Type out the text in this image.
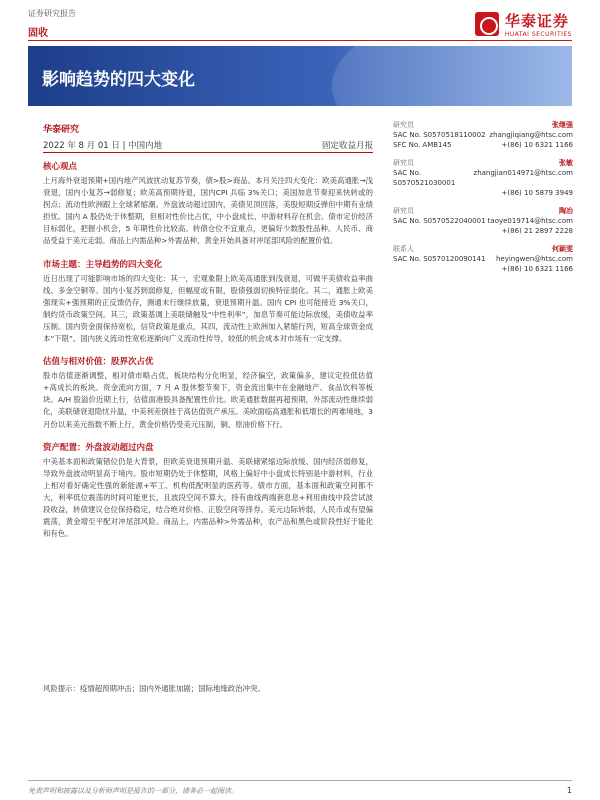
证券研究报告
固收
华泰证券
HUATAI SECURITIES
影响趋势的四大变化
华泰研究
2022 年 8 月 01 日 | 中国内地	固定收益月报
核心观点
上月海外衰退预期+国内地产风波扰动复苏节奏，债>股>商品。本月关注四大变化：欧美高通胀→浅衰退，国内小复苏→弱修复；欧美高预期待退，国内CPI 兵临 3%关口；美国加息节奏迎来快转或的拐点；流动性欧洲跟上全球紧缩潮。外盘波动超过国内，美债见顶回落，美股短期反弹但中期有业绩担忧。国内 A 股仍处于休整期，但相对性价比占优，中小盘成长、中游材料存在机会。债市定价经济目标弱化，把握小机会，5 年期性价比较高。转债仓位不宜重点，更偏好少数股性品种。人民币、商品受益于美元走弱。商品上内需品种>外需品种，黄金开始具备对冲尾部风险的配置价值。
市场主题：主导趋势的四大变化
近日出现了可能影响市场的四大变化：其一，宏观象限上欧美高通胀到浅衰退，可做平美债收益率曲线、多金空铜等。国内小复苏到弱修复，但幅度或有限，股债强弱切换特征弱化。其二，通胀上欧美强现实+强预期的正反馈仍存，测通未行继续放量，衰退预期升温。国内 CPI 也可能接近 3%关口，制约货币政策空间。其三，政策基调上美联储触及“中性利率”，加息节奏可能边际放缓，美债收益率压制。国内资金面保持宽松，信贷政策是重点。其四，流动性上欧洲加入紧缩行列，短高全球资金成本“下限”。国内狭义流动性宽松逐渐向广义流动性传导，较低的机会成本对市场有一定支撑。
估值与相对价值：股界次占优
股市估值逐渐调整，相对债市略占优，板块结构分化明显，经济偏空，政策偏多，建议定投低估值+高成长的板块。资金流向方面，7 月 A 股休整节奏下，资金流出集中在金融地产、食品饮料等板块。A/H 股溢价近期上行，估值面港股具备配置性价比。欧美通胀数据再超预期，外部流动性继续弱化，美联储衰退隐忧升温，中美利差倒挂于高估值资产承压。美欧面临高通胀和低增长的两难境地，3 月份以来美元指数不断上行，黄金价格仍受美元压制，铜、原油价格下行。
资产配置：外盘波动超过内盘
中美基本面和政策错位仍是大背景，但欧美衰退预期升温、美联储紧缩边际放缓、国内经济弱修复，导致外盘波动明显高于境内。股市短期仍处于休整期，风格上偏好中小盘成长特别是中游材料，行业上相对看好确定性强的新能源+军工、机构低配明显的医药等。债市方面，基本面和政策空间都不大，利率低位震荡的时间可能更长，且波段空间不算大，持有曲线两端套息息+利用曲线中段尝试波段收益，转债建议仓位保持稳定，结合绝对价格、正股空间等择券。美元边际转弱，人民币或有望偏震荡，黄金增至平配对冲尾部风险。商品上，内需品种>外需品种，农产品和黑色或阶段性好于能化和有色。
研究员	张继强
SAC No. S0570518110002 zhangjiqiang@htsc.com
SFC No. AMB145	+(86) 10 6321 1166
研究员	张敏
SAC No. S0570521030001
zhangjian014971@htsc.com
+(86) 10 5879 3949
研究员	陶冶
SAC No. S0570522040001 taoye019714@htsc.com
+(86) 21 2897 2228
联系人	何颖雯
SAC No. S0570120090141 heyingwen@htsc.com
+(86) 10 6321 1166
风险提示：疫情超预期冲击；国内外通胀加剧；国际地缘政治冲突。
免责声明和披露以及分析师声明是报告的一部分，请务必一起阅读。	1
